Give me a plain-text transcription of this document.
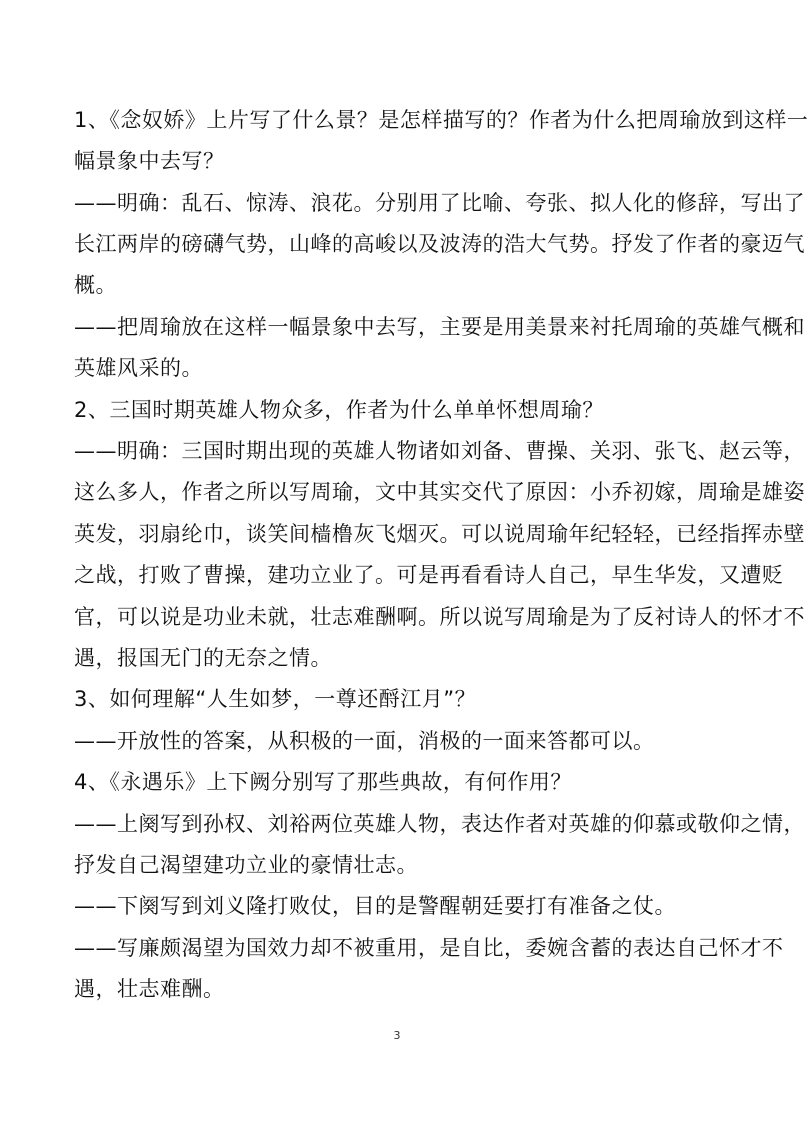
1、《念奴娇》上片写了什么景？是怎样描写的？作者为什么把周瑜放到这样一
幅景象中去写？
——明确：乱石、惊涛、浪花。分别用了比喻、夸张、拟人化的修辞，写出了
长江两岸的磅礴气势，山峰的高峻以及波涛的浩大气势。抒发了作者的豪迈气
概。
——把周瑜放在这样一幅景象中去写，主要是用美景来衬托周瑜的英雄气概和
英雄风采的。
2、三国时期英雄人物众多，作者为什么单单怀想周瑜？
——明确：三国时期出现的英雄人物诸如刘备、曹操、关羽、张飞、赵云等，
这么多人，作者之所以写周瑜，文中其实交代了原因：小乔初嫁，周瑜是雄姿
英发，羽扇纶巾，谈笑间樯橹灰飞烟灭。可以说周瑜年纪轻轻，已经指挥赤壁
之战，打败了曹操，建功立业了。可是再看看诗人自己，早生华发，又遭贬
官，可以说是功业未就，壮志难酬啊。所以说写周瑜是为了反衬诗人的怀才不
遇，报国无门的无奈之情。
3、如何理解“人生如梦，一尊还酹江月”？
——开放性的答案，从积极的一面，消极的一面来答都可以。
4、《永遇乐》上下阙分别写了那些典故，有何作用？
——上阕写到孙权、刘裕两位英雄人物，表达作者对英雄的仰慕或敬仰之情，
抒发自己渴望建功立业的豪情壮志。
——下阕写到刘义隆打败仗，目的是警醒朝廷要打有准备之仗。
——写廉颇渴望为国效力却不被重用，是自比，委婉含蓄的表达自己怀才不
遇，壮志难酬。
3
